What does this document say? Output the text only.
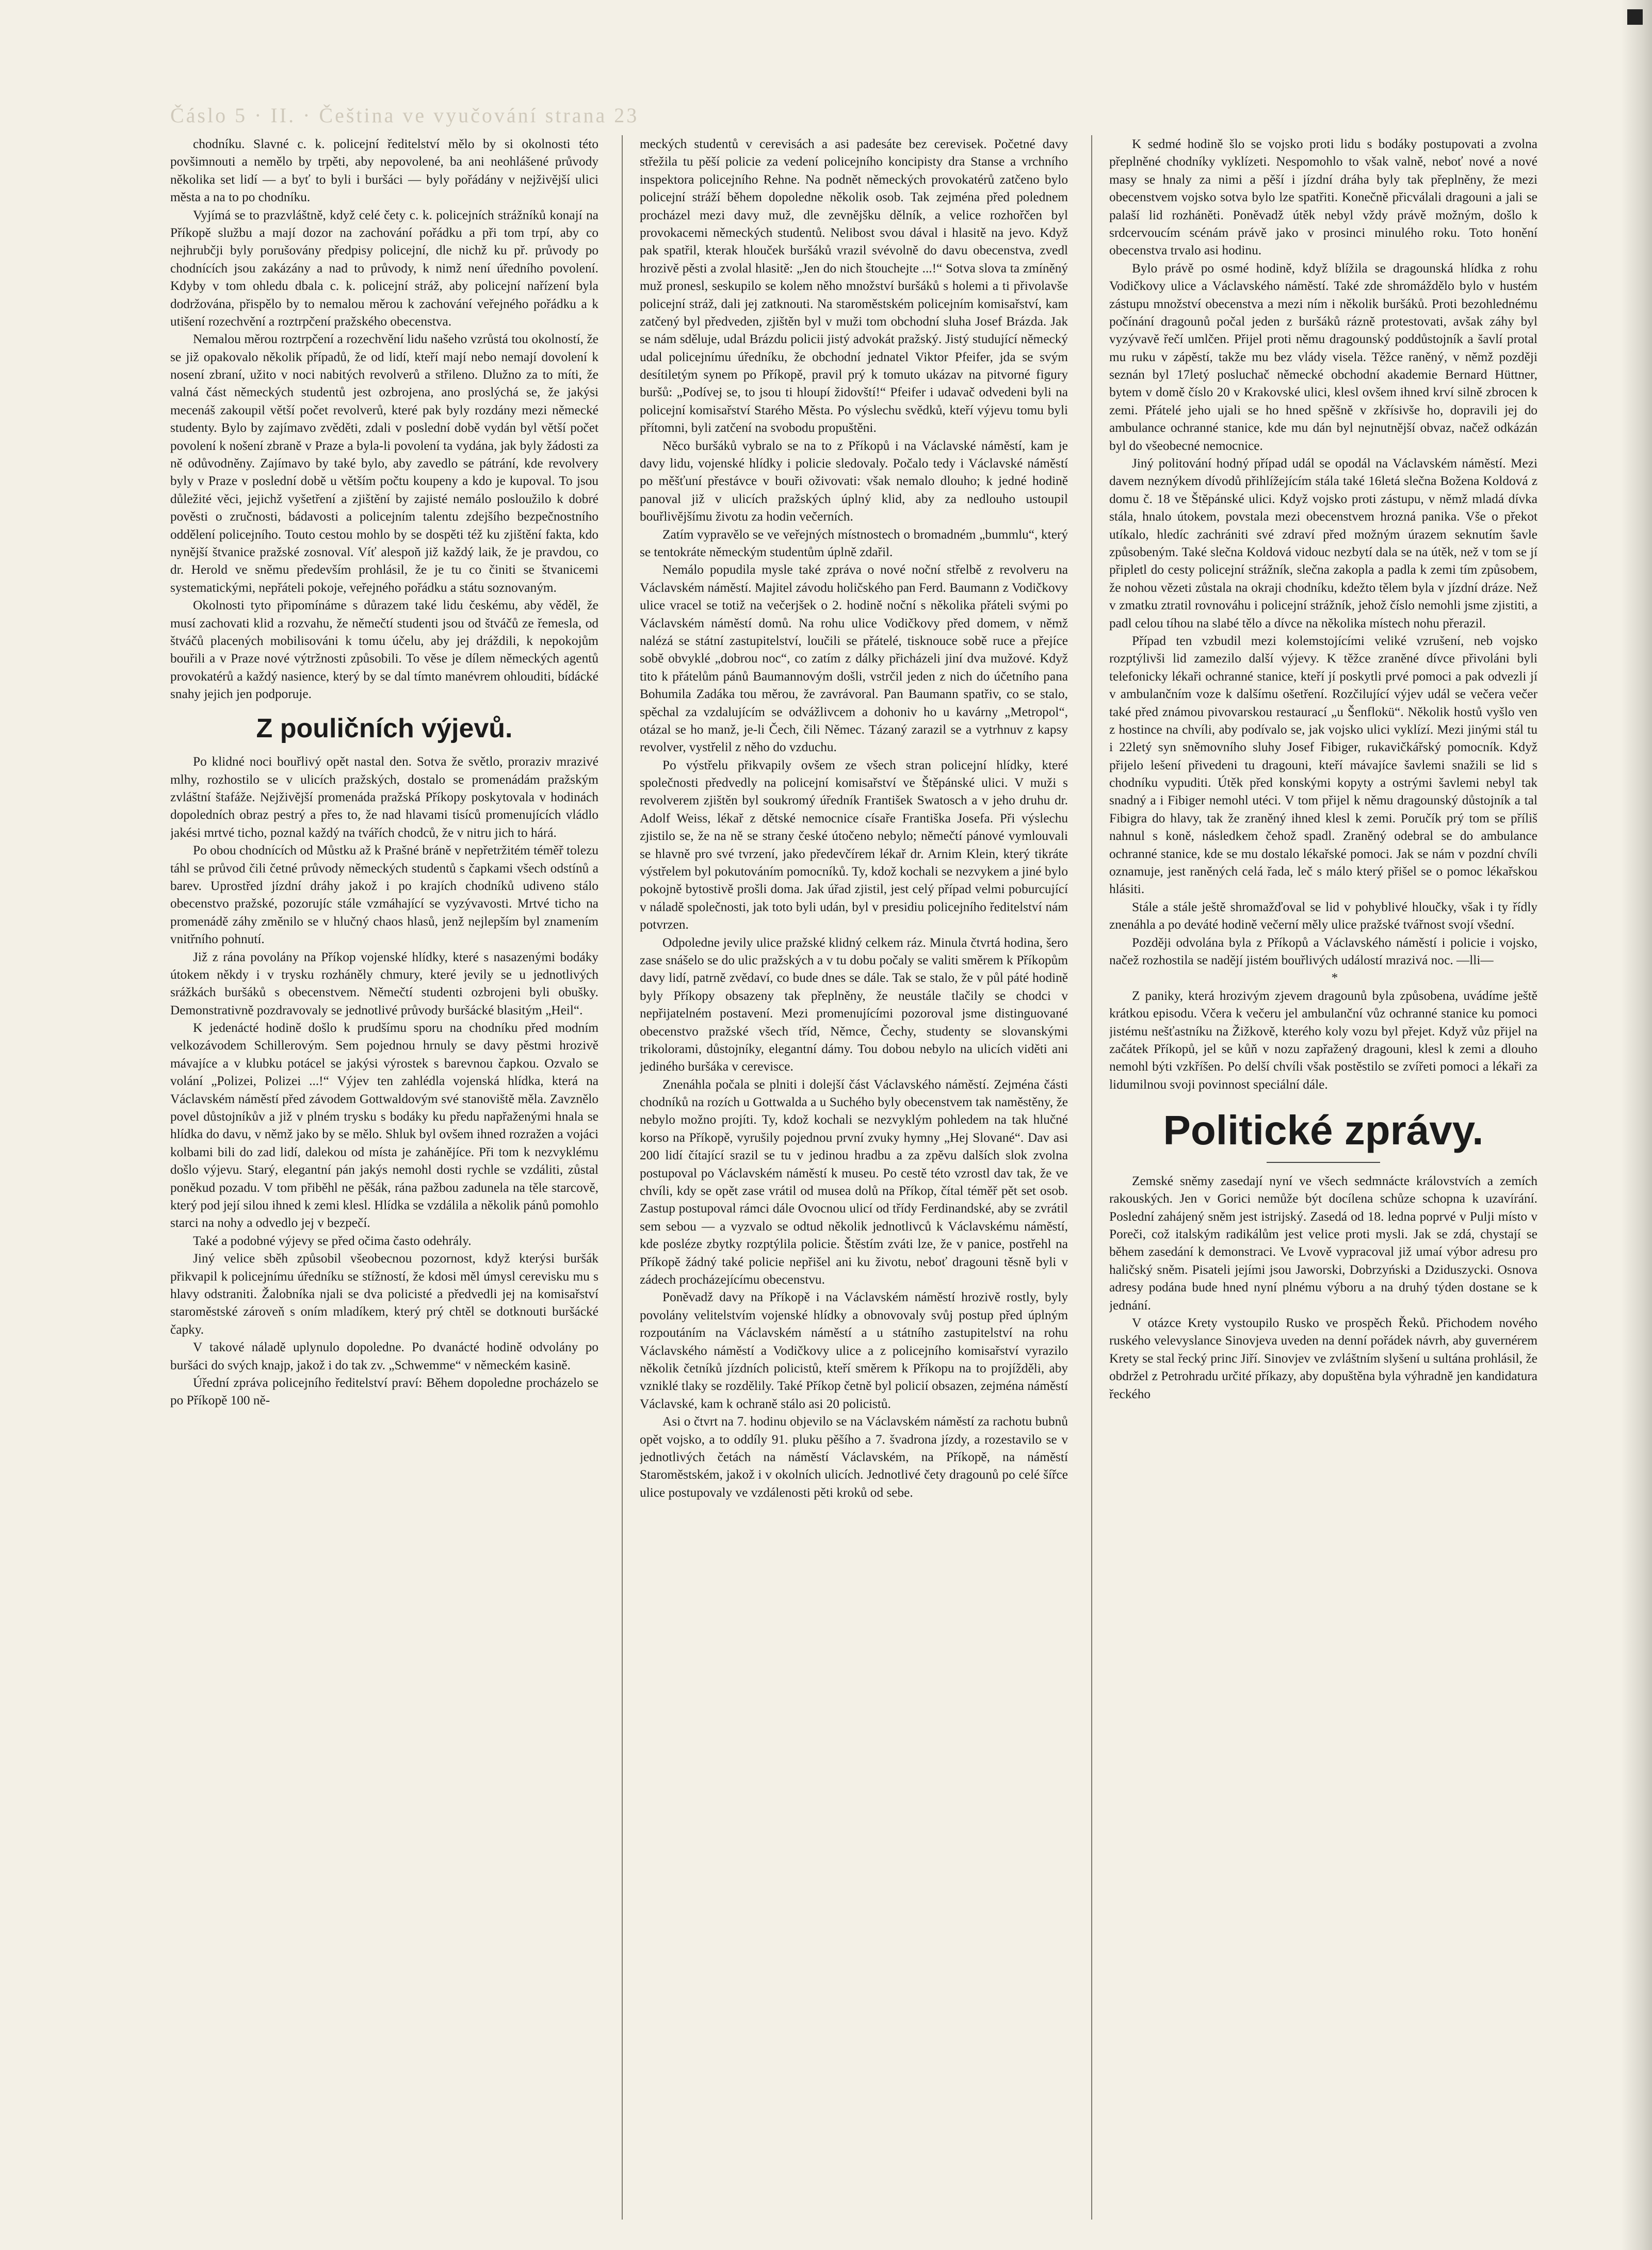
Čáslo 5 · II. · Čeština ve vyučování strana 23

chodníku. Slavné c. k. policejní ředitelství mělo by si okolnosti této povšimnouti a nemělo by trpěti, aby nepovolené, ba ani neohlášené průvody několika set lidí — a byť to byli i buršáci — byly pořádány v nejživější ulici města a na to po chodníku.

Vyjímá se to prazvláštně, když celé čety c. k. policejních strážníků konají na Příkopě službu a mají dozor na zachování pořádku a při tom trpí, aby co nejhrubčji byly porušovány předpisy policejní, dle nichž ku př. průvody po chodnících jsou zakázány a nad to průvody, k nimž není úředního povolení. Kdyby v tom ohledu dbala c. k. policejní stráž, aby policejní nařízení byla dodržována, přispělo by to nemalou měrou k zachování veřejného pořádku a k utišení rozechvění a roztrpčení pražského obecenstva.

Nemalou měrou roztrpčení a rozechvění lidu našeho vzrůstá tou okolností, že se již opakovalo několik případů, že od lidí, kteří mají nebo nemají dovolení k nosení zbraní, užito v noci nabitých revolverů a střileno. Dlužno za to míti, že valná část německých studentů jest ozbrojena, ano proslýchá se, že jakýsi mecenáš zakoupil větší počet revolverů, které pak byly rozdány mezi německé studenty. Bylo by zajímavo zvěděti, zdali v poslední době vydán byl větší počet povolení k nošení zbraně v Praze a byla-li povolení ta vydána, jak byly žádosti za ně odůvodněny. Zajímavo by také bylo, aby zavedlo se pátrání, kde revolvery byly v Praze v poslední době u větším počtu koupeny a kdo je kupoval. To jsou důležité věci, jejichž vyšetření a zjištění by zajisté nemálo posloužilo k dobré pověsti o zručnosti, bádavosti a policejním talentu zdejšího bezpečnostního oddělení policejního. Touto cestou mohlo by se dospěti též ku zjištění fakta, kdo nynější štvanice pražské zosnoval. Víť alespoň již každý laik, že je pravdou, co dr. Herold ve sněmu především prohlásil, že je tu co činiti se štvanicemi systematickými, nepřáteli pokoje, veřejného pořádku a státu soznovaným.

Okolnosti tyto připomínáme s důrazem také lidu českému, aby věděl, že musí zachovati klid a rozvahu, že němečtí studenti jsou od štváčů ze řemesla, od štváčů placených mobilisováni k tomu účelu, aby jej dráždili, k nepokojům bouřili a v Praze nové výtržnosti způsobili. To věse je dílem německých agentů provokatérů a každý nasience, který by se dal tímto manévrem ohlouditi, bídácké snahy jejich jen podporuje.

Z pouličních výjevů.

Po klidné noci bouřlivý opět nastal den. Sotva že světlo, proraziv mrazivé mlhy, rozhostilo se v ulicích pražských, dostalo se promenádám pražským zvláštní štafáže. Nejživější promenáda pražská Příkopy poskytovala v hodinách dopoledních obraz pestrý a přes to, že nad hlavami tisíců promenujících vládlo jakési mrtvé ticho, poznal každý na tvářích chodců, že v nitru jich to hárá.

Po obou chodnících od Můstku až k Prašné bráně v nepřetržitém téměř tolezu táhl se průvod čili četné průvody německých studentů s čapkami všech odstínů a barev. Uprostřed jízdní dráhy jakož i po krajích chodníků udiveno stálo obecenstvo pražské, pozorujíc stále vzmáhající se vyzývavosti. Mrtvé ticho na promenádě záhy změnilo se v hlučný chaos hlasů, jenž nejlepším byl znamením vnitřního pohnutí.

Již z rána povolány na Příkop vojenské hlídky, které s nasazenými bodáky útokem někdy i v trysku rozháněly chmury, které jevily se u jednotlivých srážkách buršáků s obecenstvem. Němečtí studenti ozbrojeni byli obušky. Demonstrativně pozdravovaly se jednotlivé průvody buršácké blasitým „Heil“.

K jedenácté hodině došlo k prudšímu sporu na chodníku před modním velkozávodem Schillerovým. Sem pojednou hrnuly se davy pěstmi hrozivě mávajíce a v klubku potácel se jakýsi výrostek s barevnou čapkou. Ozvalo se volání „Polizei, Polizei ...!“ Výjev ten zahlédla vojenská hlídka, která na Václavském náměstí před závodem Gottwaldovým své stanoviště měla. Zavznělo povel důstojníkův a již v plném trysku s bodáky ku předu napřaženými hnala se hlídka do davu, v němž jako by se mělo. Shluk byl ovšem ihned rozražen a vojáci kolbami bili do zad lidí, dalekou od místa je zahánějíce. Při tom k nezvyklému došlo výjevu. Starý, elegantní pán jakýs nemohl dosti rychle se vzdáliti, zůstal poněkud pozadu. V tom přiběhl ne pěšák, rána pažbou zadunela na těle starcově, který pod její silou ihned k zemi klesl. Hlídka se vzdálila a několik pánů pomohlo starci na nohy a odvedlo jej v bezpečí.

Také a podobné výjevy se před očima často odehrály.

Jiný velice sběh způsobil všeobecnou pozornost, když kterýsi buršák přikvapil k policejnímu úředníku se stížností, že kdosi měl úmysl cerevisku mu s hlavy odstraniti. Žalobníka njali se dva policisté a předvedli jej na komisařství staroměstské zároveň s oním mladíkem, který prý chtěl se dotknouti buršácké čapky.

V takové náladě uplynulo dopoledne. Po dvanácté hodině odvolány po buršáci do svých knajp, jakož i do tak zv. „Schwemme“ v německém kasině.

Úřední zpráva policejního ředitelství praví: Během dopoledne procházelo se po Příkopě 100 ně-

meckých studentů v cerevisách a asi padesáte bez cerevisek. Početné davy střežila tu pěší policie za vedení policejního koncipisty dra Stanse a vrchního inspektora policejního Rehne. Na podnět německých provokatérů zatčeno bylo policejní stráží během dopoledne několik osob. Tak zejména před polednem procházel mezi davy muž, dle zevnějšku dělník, a velice rozhořčen byl provokacemi německých studentů. Nelibost svou dával i hlasitě na jevo. Když pak spatřil, kterak hlouček buršáků vrazil svévolně do davu obecenstva, zvedl hrozivě pěsti a zvolal hlasitě: „Jen do nich štouchejte ...!“ Sotva slova ta zmíněný muž pronesl, seskupilo se kolem něho množství buršáků s holemi a ti přivolavše policejní stráž, dali jej zatknouti. Na staroměstském policejním komisařství, kam zatčený byl předveden, zjištěn byl v muži tom obchodní sluha Josef Brázda. Jak se nám sděluje, udal Brázdu policii jistý advokát pražský. Jistý studující německý udal policejnímu úředníku, že obchodní jednatel Viktor Pfeifer, jda se svým desítiletým synem po Příkopě, pravil prý k tomuto ukázav na pitvorné figury buršů: „Podívej se, to jsou ti hloupí židovští!“ Pfeifer i udavač odvedeni byli na policejní komisařství Starého Města. Po výslechu svědků, kteří výjevu tomu byli přítomni, byli zatčení na svobodu propuštěni.

Něco buršáků vybralo se na to z Příkopů i na Václavské náměstí, kam je davy lidu, vojenské hlídky i policie sledovaly. Počalo tedy i Václavské náměstí po měšťuní přestávce v bouři oživovati: však nemalo dlouho; k jedné hodině panoval již v ulicích pražských úplný klid, aby za nedlouho ustoupil bouřlivějšímu životu za hodin večerních.

Zatím vypravělo se ve veřejných místnostech o bromadném „bummlu“, který se tentokráte německým studentům úplně zdařil.

Nemálo popudila mysle také zpráva o nové noční střelbě z revolveru na Václavském náměstí. Majitel závodu holičského pan Ferd. Baumann z Vodičkovy ulice vracel se totiž na večerjšek o 2. hodině noční s několika přáteli svými po Václavském náměstí domů. Na rohu ulice Vodičkovy před domem, v němž nalézá se státní zastupitelství, loučili se přátelé, tisknouce sobě ruce a přejíce sobě obvyklé „dobrou noc“, co zatím z dálky přicházeli jiní dva mužové. Když tito k přátelům pánů Baumannovým došli, vstrčil jeden z nich do účetního pana Bohumila Zadáka tou měrou, že zavrávoral. Pan Baumann spatřiv, co se stalo, spěchal za vzdalujícím se odvážlivcem a dohoniv ho u kavárny „Metropol“, otázal se ho manž, je-li Čech, čili Němec. Tázaný zarazil se a vytrhnuv z kapsy revolver, vystřelil z něho do vzduchu.

Po výstřelu přikvapily ovšem ze všech stran policejní hlídky, které společnosti předvedly na policejní komisařství ve Štěpánské ulici. V muži s revolverem zjištěn byl soukromý úředník František Swatosch a v jeho druhu dr. Adolf Weiss, lékař z dětské nemocnice císaře Františka Josefa. Při výslechu zjistilo se, že na ně se strany české útočeno nebylo; němečtí pánové vymlouvali se hlavně pro své tvrzení, jako předevčírem lékař dr. Arnim Klein, který tikráte výstřelem byl pokutováním pomocníků. Ty, kdož kochali se nezvykem a jiné bylo pokojně bytostivě prošli doma. Jak úřad zjistil, jest celý případ velmi poburcující v náladě společnosti, jak toto byli udán, byl v presidiu policejního ředitelství nám potvrzen.

Odpoledne jevily ulice pražské klidný celkem ráz. Minula čtvrtá hodina, šero zase snášelo se do ulic pražských a v tu dobu počaly se valiti směrem k Příkopům davy lidí, patrně zvědaví, co bude dnes se dále. Tak se stalo, že v půl páté hodině byly Příkopy obsazeny tak přeplněny, že neustále tlačily se chodci v nepřijatelném postavení. Mezi promenujícími pozoroval jsme distinguované obecenstvo pražské všech tříd, Němce, Čechy, studenty se slovanskými trikolorami, důstojníky, elegantní dámy. Tou dobou nebylo na ulicích viděti ani jediného buršáka v cerevisce.

Znenáhla počala se plniti i dolejší část Václavského náměstí. Zejména části chodníků na rozích u Gottwalda a u Suchého byly obecenstvem tak naměstěny, že nebylo možno projíti. Ty, kdož kochali se nezvyklým pohledem na tak hlučné korso na Příkopě, vyrušily pojednou první zvuky hymny „Hej Slované“. Dav asi 200 lidí čítající srazil se tu v jedinou hradbu a za zpěvu dalších slok zvolna postupoval po Václavském náměstí k museu. Po cestě této vzrostl dav tak, že ve chvíli, kdy se opět zase vrátil od musea dolů na Příkop, čítal téměř pět set osob. Zastup postupoval rámci dále Ovocnou ulicí od třídy Ferdinandské, aby se zvrátil sem sebou — a vyzvalo se odtud několik jednotlivců k Václavskému náměstí, kde posléze zbytky rozptýlila policie. Štěstím zváti lze, že v panice, postřehl na Příkopě žádný také policie nepřišel ani ku životu, neboť dragouni těsně byli v zádech procházejícímu obecenstvu.

Poněvadž davy na Příkopě i na Václavském náměstí hrozivě rostly, byly povolány velitelstvím vojenské hlídky a obnovovaly svůj postup před úplným rozpoutáním na Václavském náměstí a u státního zastupitelství na rohu Václavského náměstí a Vodičkovy ulice a z policejního komisařství vyrazilo několik četníků jízdních policistů, kteří směrem k Příkopu na to projížděli, aby vzniklé tlaky se rozdělily. Také Příkop četně byl policií obsazen, zejména náměstí Václavské, kam k ochraně stálo asi 20 policistů.

Asi o čtvrt na 7. hodinu objevilo se na Václavském náměstí za rachotu bubnů opět vojsko, a to oddíly 91. pluku pěšího a 7. švadrona jízdy, a rozestavilo se v jednotlivých četách na náměstí Václavském, na Příkopě, na náměstí Staroměstském, jakož i v okolních ulicích. Jednotlivé čety dragounů po celé šířce ulice postupovaly ve vzdálenosti pěti kroků od sebe.

K sedmé hodině šlo se vojsko proti lidu s bodáky postupovati a zvolna přeplněné chodníky vyklízeti. Nespomohlo to však valně, neboť nové a nové masy se hnaly za nimi a pěší i jízdní dráha byly tak přeplněny, že mezi obecenstvem vojsko sotva bylo lze spatřiti. Konečně přicválali dragouni a jali se palaší lid rozháněti. Poněvadž útěk nebyl vždy právě možným, došlo k srdcervoucím scénám právě jako v prosinci minulého roku. Toto honění obecenstva trvalo asi hodinu.

Bylo právě po osmé hodině, když blížila se dragounská hlídka z rohu Vodičkovy ulice a Václavského náměstí. Také zde shromáždělo bylo v hustém zástupu množství obecenstva a mezi ním i několik buršáků. Proti bezohlednému počínání dragounů počal jeden z buršáků rázně protestovati, avšak záhy byl vyzývavě řečí umlčen. Přijel proti němu dragounský poddůstojník a šavlí protal mu ruku v zápěstí, takže mu bez vlády visela. Těžce raněný, v němž později seznán byl 17letý posluchač německé obchodní akademie Bernard Hüttner, bytem v domě číslo 20 v Krakovské ulici, klesl ovšem ihned krví silně zbrocen k zemi. Přátelé jeho ujali se ho hned spěšně v zkřísivše ho, dopravili jej do ambulance ochranné stanice, kde mu dán byl nejnutnější obvaz, načež odkázán byl do všeobecné nemocnice.

Jiný politování hodný případ udál se opodál na Václavském náměstí. Mezi davem neznýkem dívodů přihlížejícím stála také 16letá slečna Božena Koldová z domu č. 18 ve Štěpánské ulici. Když vojsko proti zástupu, v němž mladá dívka stála, hnalo útokem, povstala mezi obecenstvem hrozná panika. Vše o překot utíkalo, hledíc zachrániti své zdraví před možným úrazem seknutím šavle způsobeným. Také slečna Koldová vidouc nezbytí dala se na útěk, než v tom se jí připletl do cesty policejní strážník, slečna zakopla a padla k zemi tím způsobem, že nohou vězeti zůstala na okraji chodníku, kdežto tělem byla v jízdní dráze. Než v zmatku ztratil rovnováhu i policejní strážník, jehož číslo nemohli jsme zjistiti, a padl celou tíhou na slabé tělo a dívce na několika místech nohu přerazil.

Případ ten vzbudil mezi kolemstojícími veliké vzrušení, neb vojsko rozptýlivši lid zamezilo další výjevy. K těžce zraněné dívce přivoláni byli telefonicky lékaři ochranné stanice, kteří jí poskytli prvé pomoci a pak odvezli jí v ambulančním voze k dalšímu ošetření. Rozčilující výjev udál se večera večer také před známou pivovarskou restaurací „u Šenflokü“. Několik hostů vyšlo ven z hostince na chvíli, aby podívalo se, jak vojsko ulici vyklízí. Mezi jinými stál tu i 22letý syn sněmovního sluhy Josef Fibiger, rukavičkářský pomocník. Když přijelo lešení přivedeni tu dragouni, kteří mávajíce šavlemi snažili se lid s chodníku vypuditi. Útěk před konskými kopyty a ostrými šavlemi nebyl tak snadný a i Fibiger nemohl utéci. V tom přijel k němu dragounský důstojník a tal Fibigra do hlavy, tak že zraněný ihned klesl k zemi. Poručík prý tom se příliš nahnul s koně, následkem čehož spadl. Zraněný odebral se do ambulance ochranné stanice, kde se mu dostalo lékařské pomoci. Jak se nám v pozdní chvíli oznamuje, jest raněných celá řada, leč s málo který přišel se o pomoc lékařskou hlásiti.

Stále a stále ještě shromažďoval se lid v pohyblivé hloučky, však i ty řídly znenáhla a po deváté hodině večerní měly ulice pražské tvářnost svojí všední.

Později odvolána byla z Příkopů a Václavského náměstí i policie i vojsko, načež rozhostila se nadějí jistém bouřlivých událostí mrazivá noc. —lli—

*

Z paniky, která hrozivým zjevem dragounů byla způsobena, uvádíme ještě krátkou episodu. Včera k večeru jel ambulanční vůz ochranné stanice ku pomoci jistému nešťastníku na Žižkově, kterého koly vozu byl přejet. Když vůz přijel na začátek Příkopů, jel se kůň v nozu zapřažený dragouni, klesl k zemi a dlouho nemohl býti vzkříšen. Po delší chvíli však postěstilo se zvířeti pomoci a lékaři za lidumilnou svoji povinnost speciální dále.

Politické zprávy.

Zemské sněmy zasedají nyní ve všech sedmnácte královstvích a zemích rakouských. Jen v Gorici nemůže být docílena schůze schopna k uzavírání. Poslední zahájený sněm jest istrijský. Zasedá od 18. ledna poprvé v Pulji místo v Poreči, což italským radikálům jest velice proti mysli. Jak se zdá, chystají se během zasedání k demonstraci. Ve Lvově vypracoval již umaí výbor adresu pro haličský sněm. Pisateli jejími jsou Jaworski, Dobrzyński a Dziduszycki. Osnova adresy podána bude hned nyní plnému výboru a na druhý týden dostane se k jednání.

V otázce Krety vystoupilo Rusko ve prospěch Řeků. Přichodem nového ruského velevyslance Sinovjeva uveden na denní pořádek návrh, aby guvernérem Krety se stal řecký princ Jiří. Sinovjev ve zvláštním slyšení u sultána prohlásil, že obdržel z Petrohradu určité příkazy, aby dopuštěna byla výhradně jen kandidatura řeckého
